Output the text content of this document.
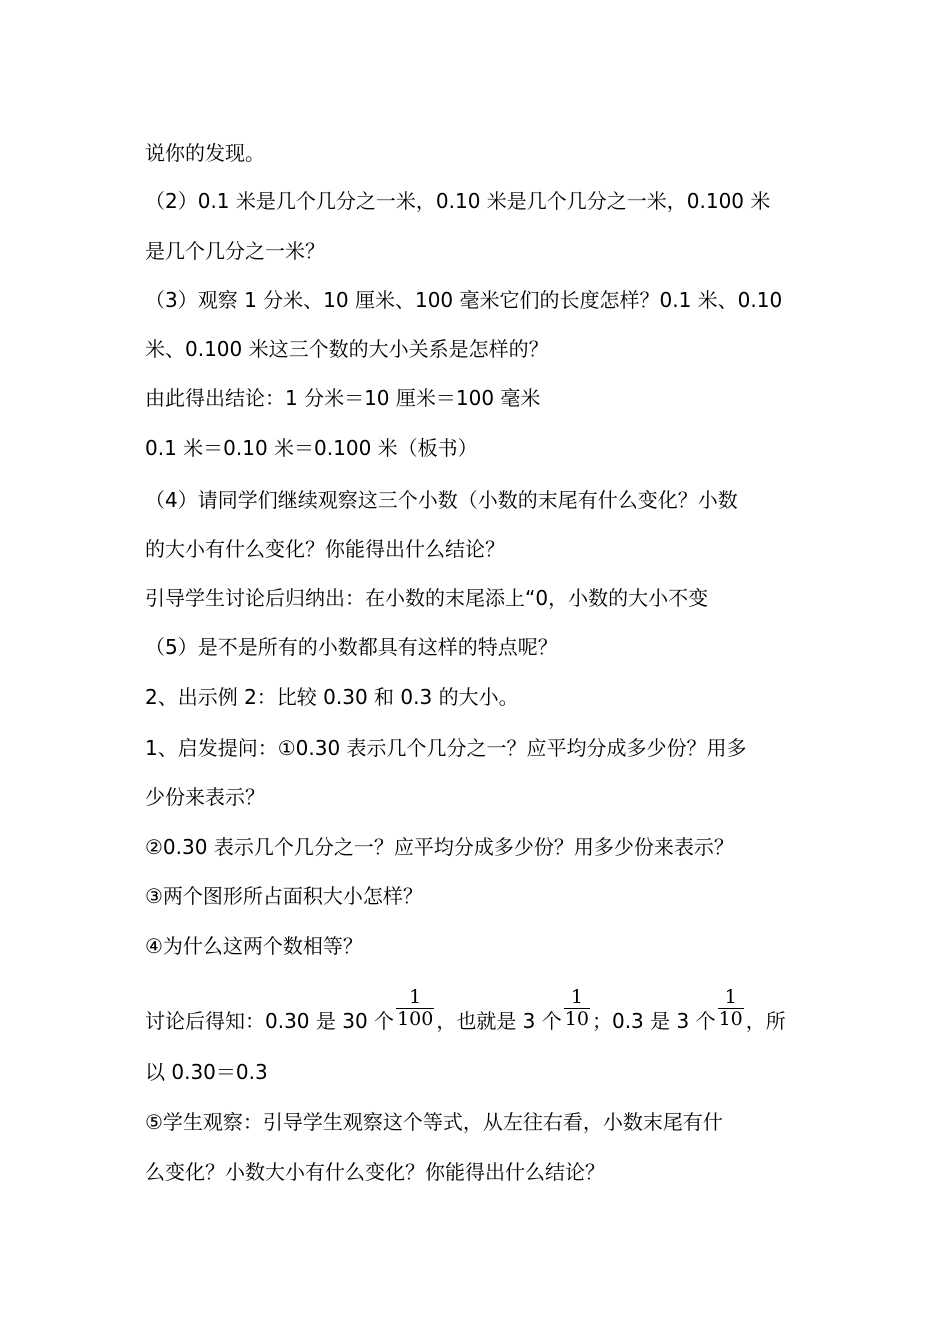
说你的发现。
（2）0.1 米是几个几分之一米，0.10 米是几个几分之一米，0.100 米
是几个几分之一米？
（3）观察 1 分米、10 厘米、100 毫米它们的长度怎样？0.1 米、0.10
米、0.100 米这三个数的大小关系是怎样的？
由此得出结论：1 分米＝10 厘米＝100 毫米
0.1 米＝0.10 米＝0.100 米（板书）
（4）请同学们继续观察这三个小数（小数的末尾有什么变化？小数
的大小有什么变化？你能得出什么结论？
引导学生讨论后归纳出：在小数的末尾添上“0，小数的大小不变
（5）是不是所有的小数都具有这样的特点呢？
2、出示例 2：比较 0.30 和 0.3 的大小。
1、启发提问：①0.30 表示几个几分之一？应平均分成多少份？用多
少份来表示？
②0.30 表示几个几分之一？应平均分成多少份？用多少份来表示？
③两个图形所占面积大小怎样？
④为什么这两个数相等？
讨论后得知：0.30 是 30 个 $\frac{1}{100}$ ，也就是 3 个 $\frac{1}{10}$ ；0.3 是 3 个 $\frac{1}{10}$ ，所
以 0.30＝0.3
⑤学生观察：引导学生观察这个等式，从左往右看，小数末尾有什
么变化？小数大小有什么变化？你能得出什么结论？
